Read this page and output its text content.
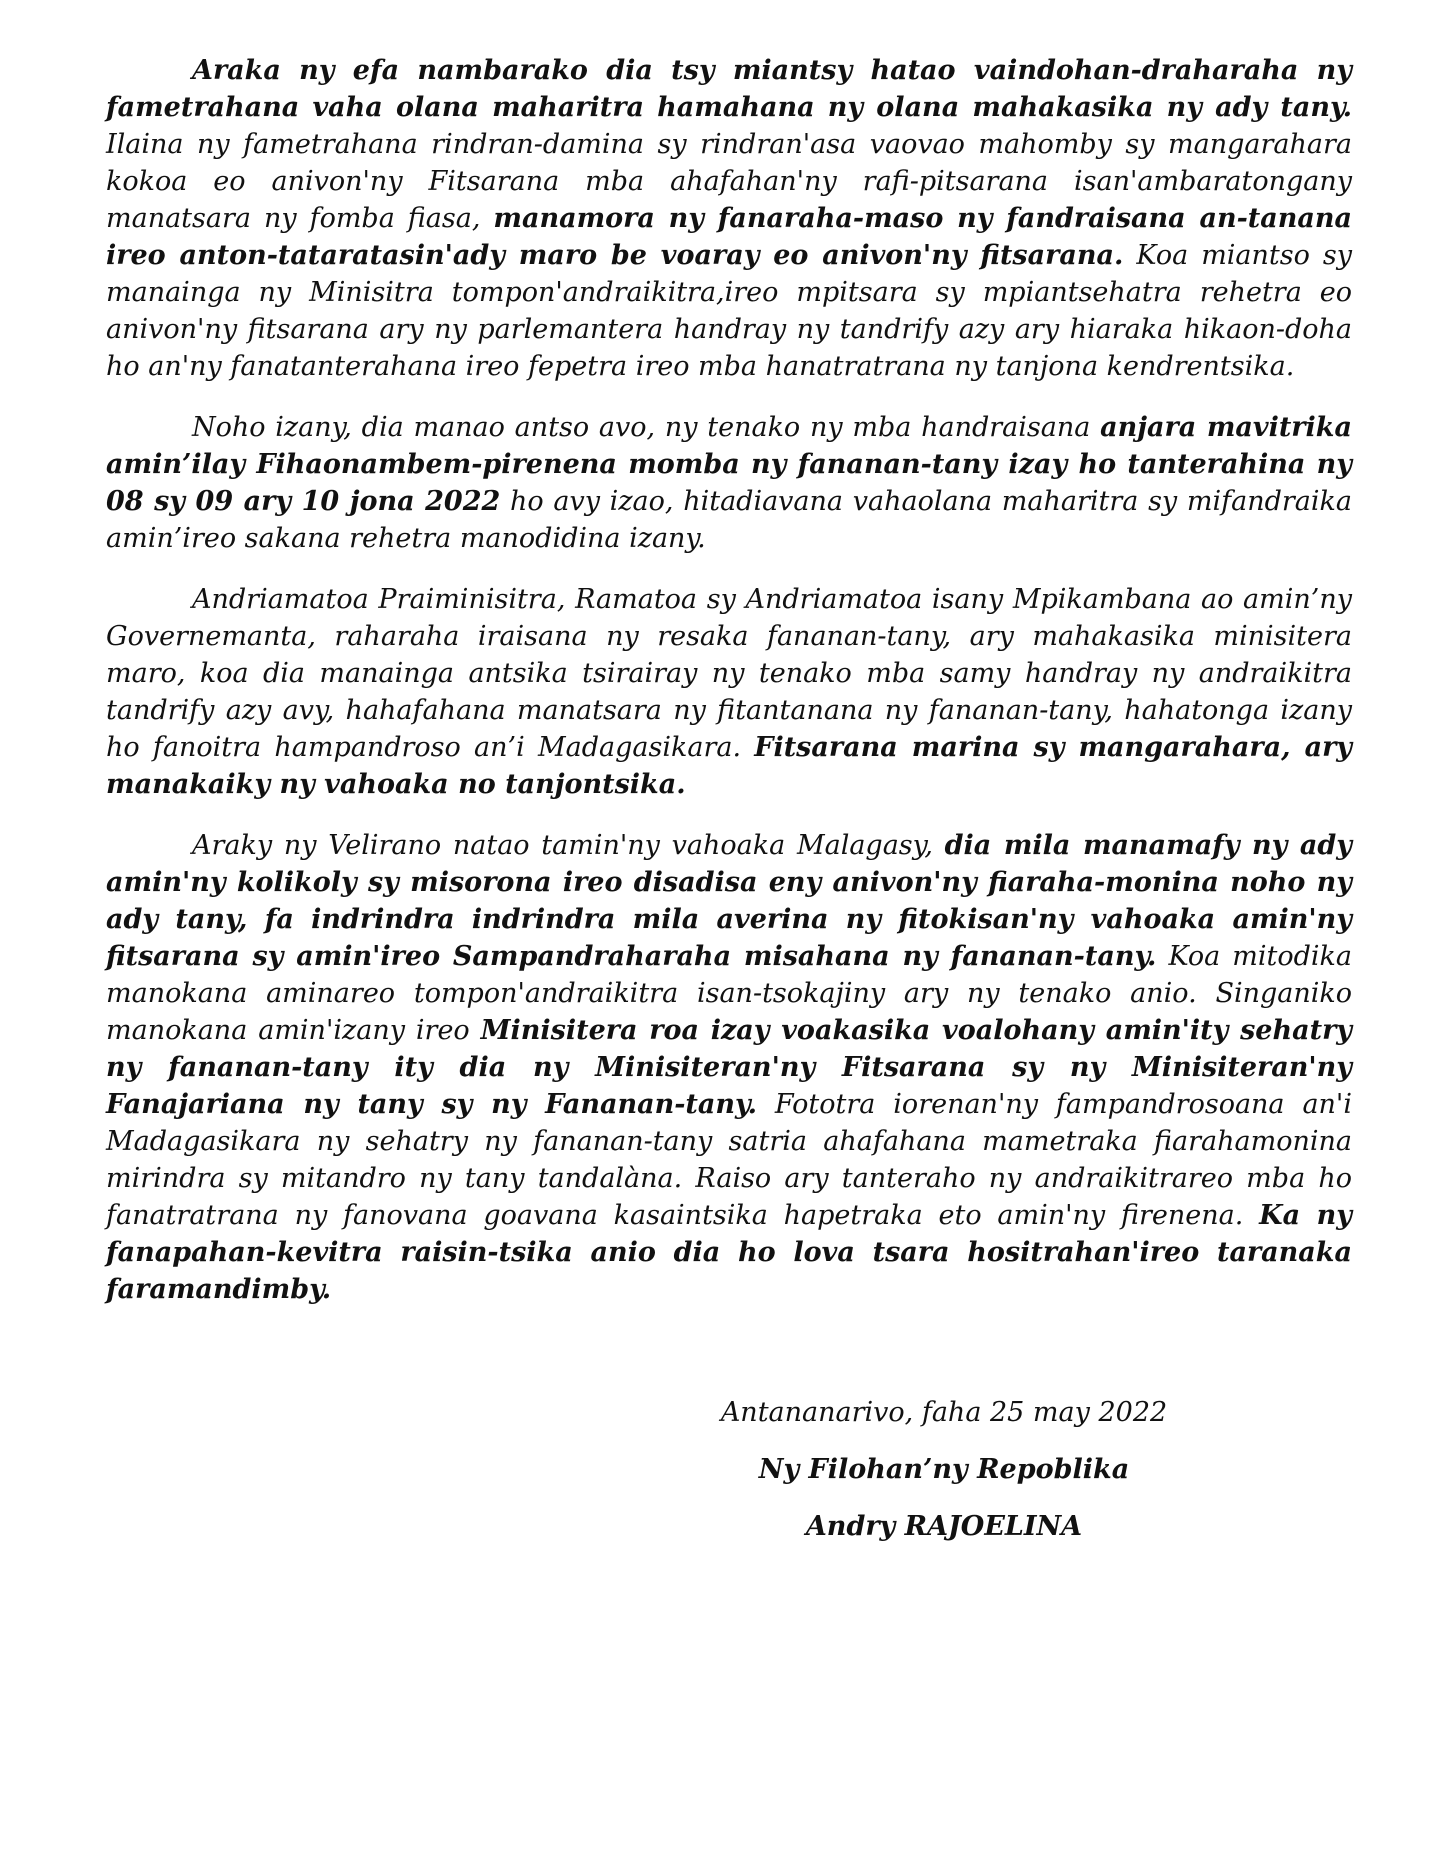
Araka ny efa nambarako dia tsy miantsy hatao vaindohan-draharaha ny fametrahana vaha olana maharitra hamahana ny olana mahakasika ny ady tany. Ilaina ny fametrahana rindran-damina sy rindran'asa vaovao mahomby sy mangarahara kokoa eo anivon'ny Fitsarana mba ahafahan'ny rafi-pitsarana isan'ambaratongany manatsara ny fomba fiasa, manamora ny fanaraha-maso ny fandraisana an-tanana ireo anton-tataratasin'ady maro be voaray eo anivon'ny fitsarana. Koa miantso sy manainga ny Minisitra tompon'andraikitra,ireo mpitsara sy mpiantsehatra rehetra eo anivon'ny fitsarana ary ny parlemantera handray ny tandrify azy ary hiaraka hikaon-doha ho an'ny fanatanterahana ireo fepetra ireo mba hanatratrana ny tanjona kendrentsika.

Noho izany, dia manao antso avo, ny tenako ny mba handraisana anjara mavitrika amin’ilay Fihaonambem-pirenena momba ny fananan-tany izay ho tanterahina ny 08 sy 09 ary 10 jona 2022 ho avy izao, hitadiavana vahaolana maharitra sy mifandraika amin’ireo sakana rehetra manodidina izany.

Andriamatoa Praiminisitra, Ramatoa sy Andriamatoa isany Mpikambana ao amin’ny Governemanta, raharaha iraisana ny resaka fananan-tany, ary mahakasika minisitera maro, koa dia manainga antsika tsirairay ny tenako mba samy handray ny andraikitra tandrify azy avy, hahafahana manatsara ny fitantanana ny fananan-tany, hahatonga izany ho fanoitra hampandroso an’i Madagasikara. Fitsarana marina sy mangarahara, ary manakaiky ny vahoaka no tanjontsika.

Araky ny Velirano natao tamin'ny vahoaka Malagasy, dia mila manamafy ny ady amin'ny kolikoly sy misorona ireo disadisa eny anivon'ny fiaraha-monina noho ny ady tany, fa indrindra indrindra mila averina ny fitokisan'ny vahoaka amin'ny fitsarana sy amin'ireo Sampandraharaha misahana ny fananan-tany. Koa mitodika manokana aminareo tompon'andraikitra isan-tsokajiny ary ny tenako anio. Singaniko manokana amin'izany ireo Minisitera roa izay voakasika voalohany amin'ity sehatry ny fananan-tany ity dia ny Minisiteran'ny Fitsarana sy ny Minisiteran'ny Fanajariana ny tany sy ny Fananan-tany. Fototra iorenan'ny fampandrosoana an'i Madagasikara ny sehatry ny fananan-tany satria ahafahana mametraka fiarahamonina mirindra sy mitandro ny tany tandalàna. Raiso ary tanteraho ny andraikitrareo mba ho fanatratrana ny fanovana goavana kasaintsika hapetraka eto amin'ny firenena. Ka ny fanapahan-kevitra raisin-tsika anio dia ho lova tsara hositrahan'ireo taranaka faramandimby.

Antananarivo, faha 25 may 2022
Ny Filohan’ny Repoblika
Andry RAJOELINA
